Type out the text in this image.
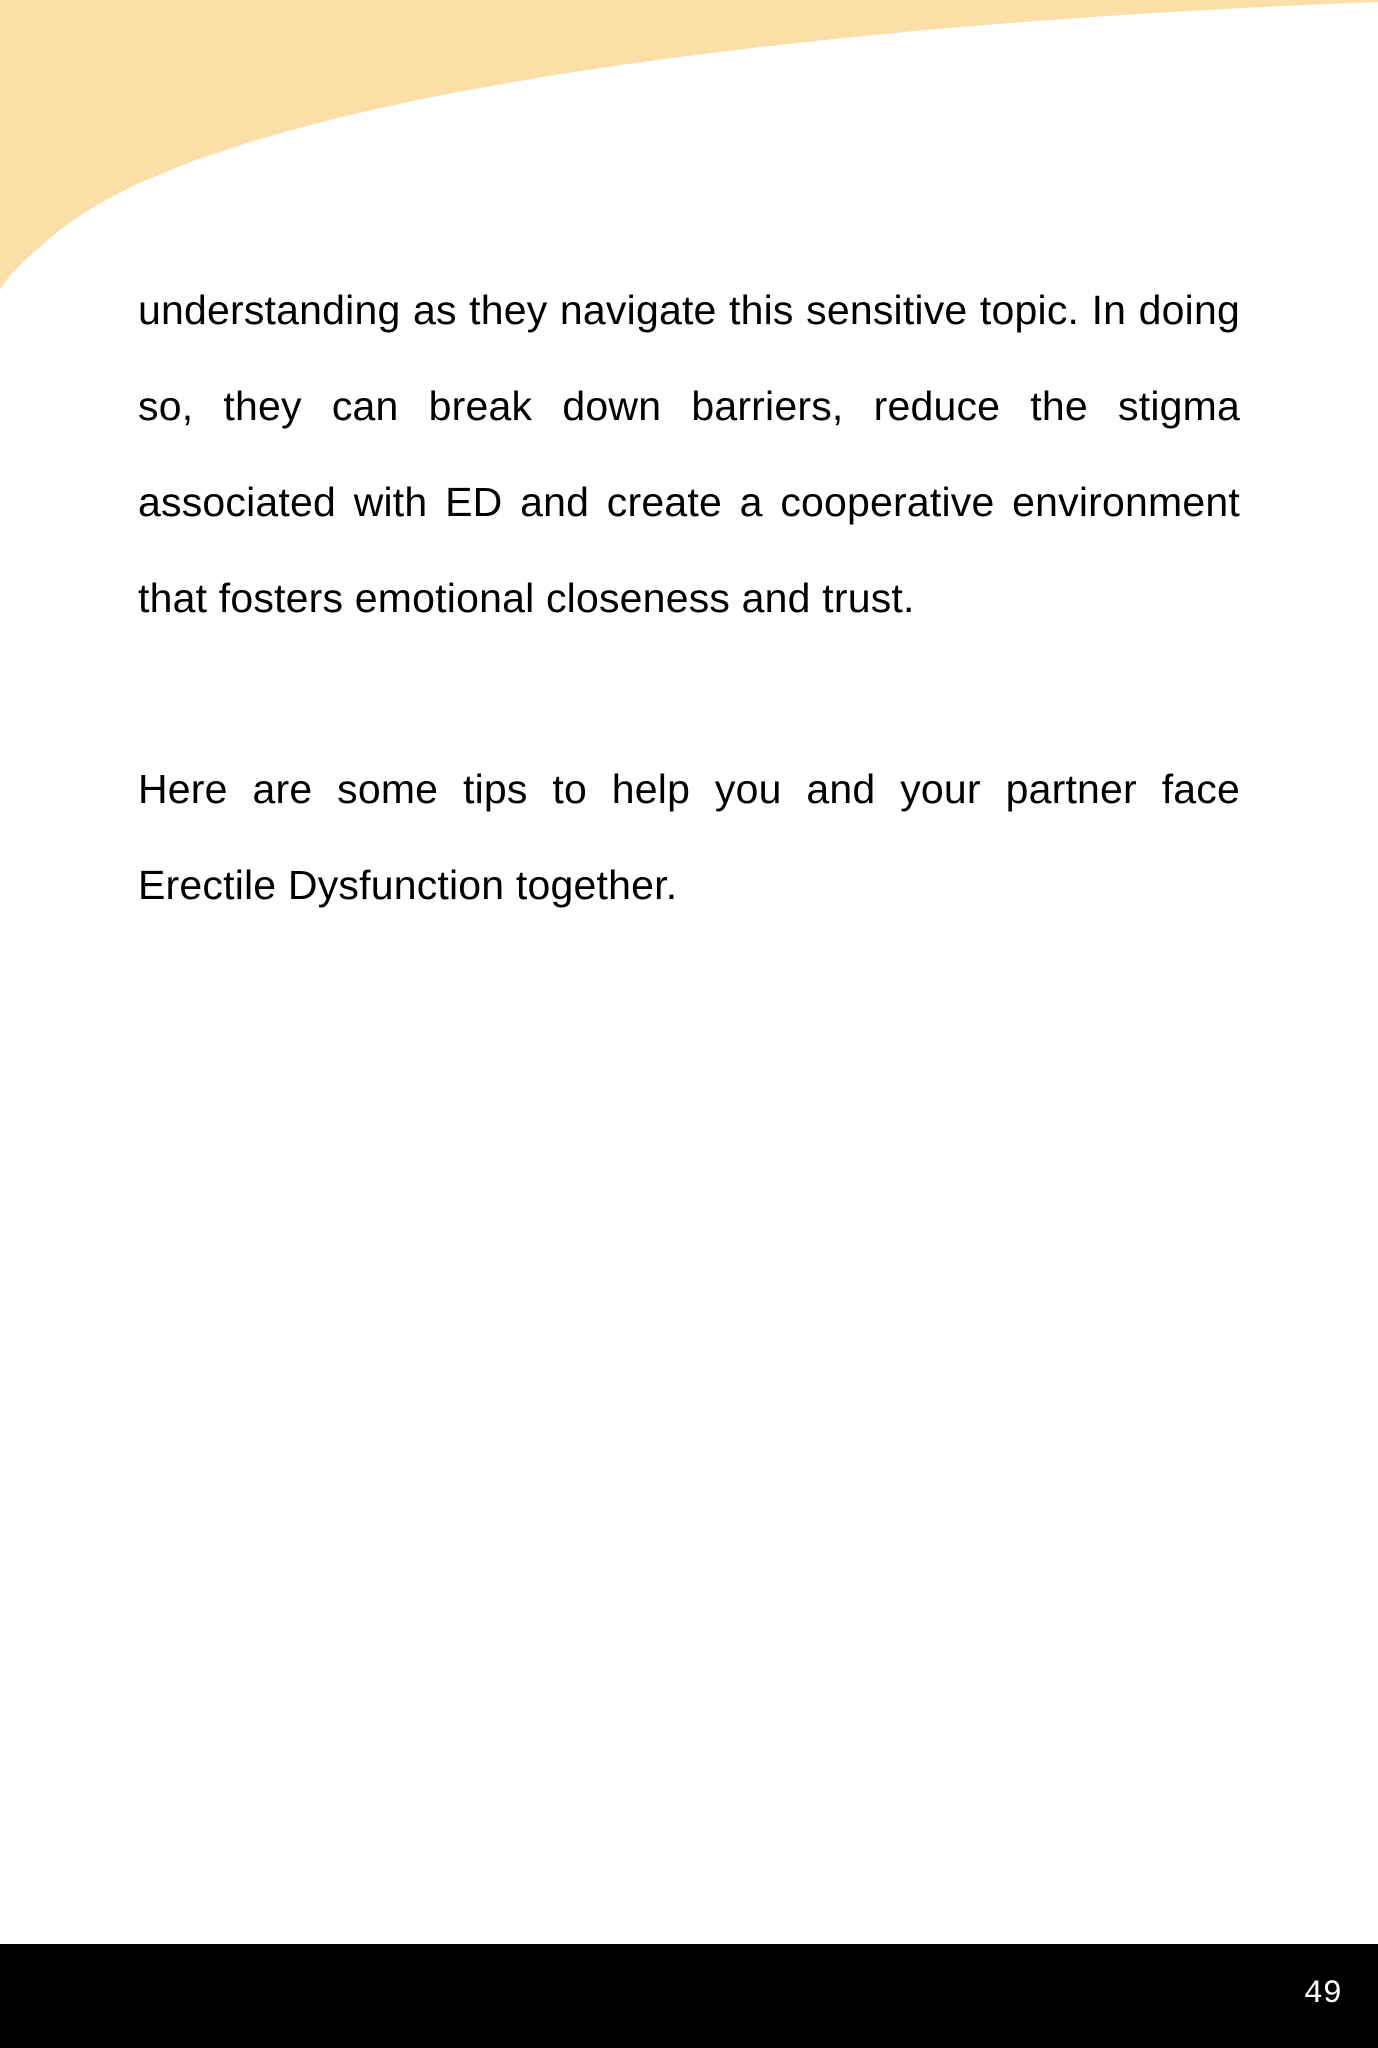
understanding as they navigate this sensitive topic. In doing so, they can break down barriers, reduce the stigma associated with ED and create a cooperative environment that fosters emotional closeness and trust.

Here are some tips to help you and your partner face Erectile Dysfunction together.

49
